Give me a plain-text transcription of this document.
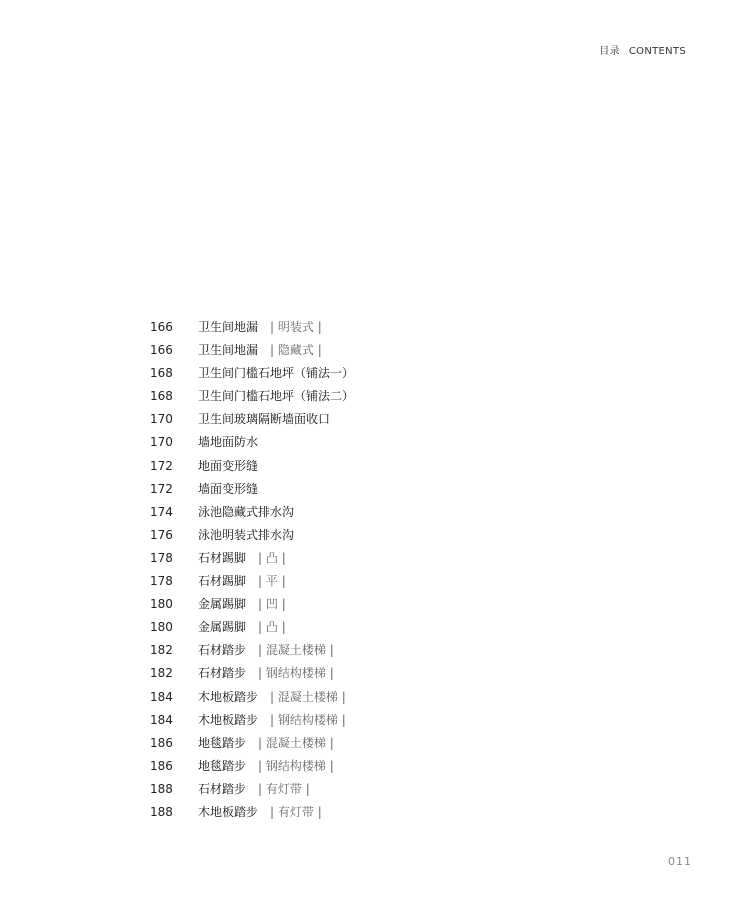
目录 CONTENTS
166	卫生间地漏 | 明装式 |
166	卫生间地漏 | 隐藏式 |
168	卫生间门槛石地坪（铺法一）
168	卫生间门槛石地坪（铺法二）
170	卫生间玻璃隔断墙面收口
170	墙地面防水
172	地面变形缝
172	墙面变形缝
174	泳池隐藏式排水沟
176	泳池明装式排水沟
178	石材踢脚 | 凸 |
178	石材踢脚 | 平 |
180	金属踢脚 | 凹 |
180	金属踢脚 | 凸 |
182	石材踏步 | 混凝土楼梯 |
182	石材踏步 | 钢结构楼梯 |
184	木地板踏步 | 混凝土楼梯 |
184	木地板踏步 | 钢结构楼梯 |
186	地毯踏步 | 混凝土楼梯 |
186	地毯踏步 | 钢结构楼梯 |
188	石材踏步 | 有灯带 |
188	木地板踏步 | 有灯带 |
011
